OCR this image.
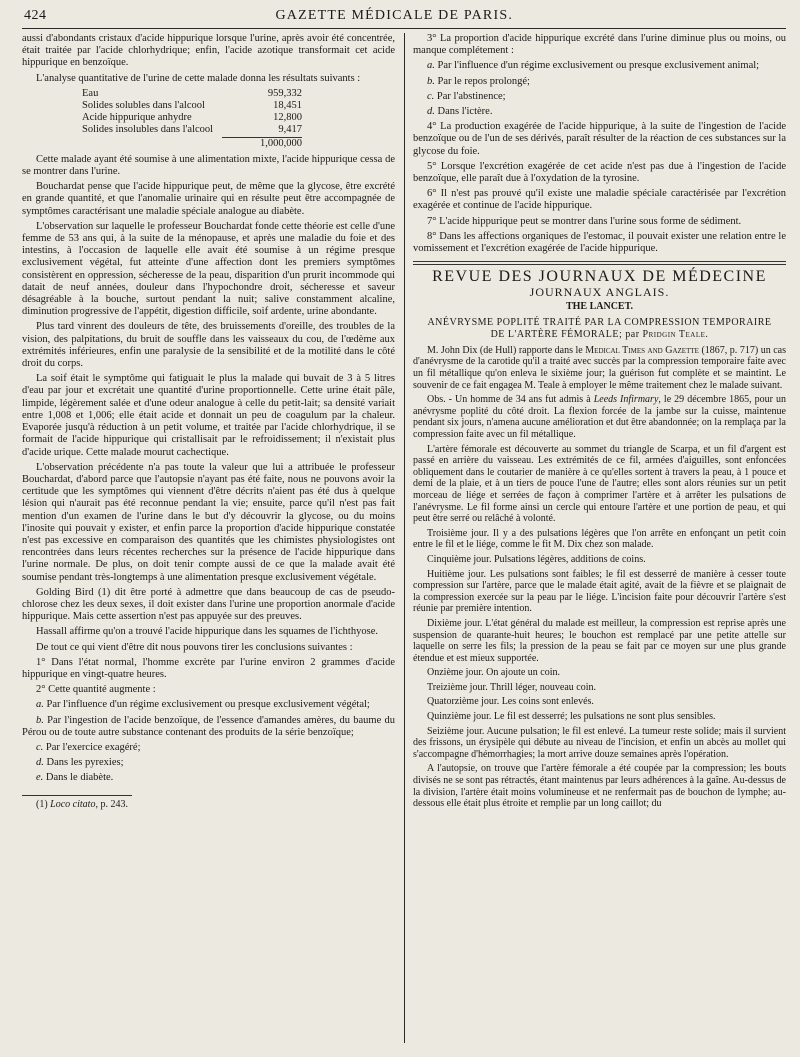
424	GAZETTE MÉDICALE DE PARIS.

aussi d'abondants cristaux d'acide hippurique lorsque l'urine, après avoir été concentrée, était traitée par l'acide chlorhydrique; enfin, l'acide azotique transformait cet acide hippurique en benzoïque.

L'analyse quantitative de l'urine de cette malade donna les résultats suivants :

Eau	959,332
Solides solubles dans l'alcool	18,451
Acide hippurique anhydre	12,800
Solides insolubles dans l'alcool	9,417
1,000,000

Cette malade ayant été soumise à une alimentation mixte, l'acide hippurique cessa de se montrer dans l'urine.

Bouchardat pense que l'acide hippurique peut, de même que la glycose, être excrété en grande quantité, et que l'anomalie urinaire qui en résulte peut être accompagnée de symptômes caractérisant une maladie spéciale analogue au diabète.

L'observation sur laquelle le professeur Bouchardat fonde cette théorie est celle d'une femme de 53 ans qui, à la suite de la ménopause, et après une maladie du foie et des intestins, à l'occasion de laquelle elle avait été soumise à un régime presque exclusivement végétal, fut atteinte d'une affection dont les premiers symptômes consistèrent en oppression, sécheresse de la peau, disparition d'un prurit incommode qui datait de neuf années, douleur dans l'hypochondre droit, sécheresse et saveur désagréable à la bouche, surtout pendant la nuit; salive constamment alcaline, diminution progressive de l'appétit, digestion difficile, soif ardente, urine abondante.

Plus tard vinrent des douleurs de tête, des bruissements d'oreille, des troubles de la vision, des palpitations, du bruit de souffle dans les vaisseaux du cou, de l'œdème aux extrémités inférieures, enfin une paralysie de la sensibilité et de la motilité dans le côté droit du corps.

La soif était le symptôme qui fatiguait le plus la malade qui buvait de 3 à 5 litres d'eau par jour et excrétait une quantité d'urine proportionnelle. Cette urine était pâle, limpide, légèrement salée et d'une odeur analogue à celle du petit-lait; sa densité variait entre 1,008 et 1,006; elle était acide et donnait un peu de coagulum par la chaleur. Evaporée jusqu'à réduction à un petit volume, et traitée par l'acide chlorhydrique, il se formait de l'acide hippurique qui cristallisait par le refroidissement; il n'existait plus d'acide urique. Cette malade mourut cachectique.

L'observation précédente n'a pas toute la valeur que lui a attribuée le professeur Bouchardat, d'abord parce que l'autopsie n'ayant pas été faite, nous ne pouvons avoir la certitude que les symptômes qui viennent d'être décrits n'aient pas été dus à quelque lésion qui n'aurait pas été reconnue pendant la vie; ensuite, parce qu'il n'est pas fait mention d'un examen de l'urine dans le but d'y découvrir la glycose, ou du moins l'inosite qui pouvait y exister, et enfin parce la proportion d'acide hippurique constatée n'est pas excessive en comparaison des quantités que les chimistes physiologistes ont rencontrées dans leurs récentes recherches sur la présence de l'acide hippurique dans l'urine normale. De plus, on doit tenir compte aussi de ce que la malade avait été soumise pendant très-longtemps à une alimentation presque exclusivement végétale.

Golding Bird (1) dit être porté à admettre que dans beaucoup de cas de pseudo-chlorose chez les deux sexes, il doit exister dans l'urine une proportion anormale d'acide hippurique. Mais cette assertion n'est pas appuyée sur des preuves.

Hassall affirme qu'on a trouvé l'acide hippurique dans les squames de l'ichthyose.

De tout ce qui vient d'être dit nous pouvons tirer les conclusions suivantes :

1° Dans l'état normal, l'homme excrète par l'urine environ 2 grammes d'acide hippurique en vingt-quatre heures.

2° Cette quantité augmente :

a. Par l'influence d'un régime exclusivement ou presque exclusivement végétal;

b. Par l'ingestion de l'acide benzoïque, de l'essence d'amandes amères, du baume du Pérou ou de toute autre substance contenant des produits de la série benzoïque;

c. Par l'exercice exagéré;

d. Dans les pyrexies;

e. Dans le diabète.

(1) Loco citato, p. 243.

3° La proportion d'acide hippurique excrété dans l'urine diminue plus ou moins, ou manque complétement :

a. Par l'influence d'un régime exclusivement ou presque exclusivement animal;

b. Par le repos prolongé;

c. Par l'abstinence;

d. Dans l'ictère.

4° La production exagérée de l'acide hippurique, à la suite de l'ingestion de l'acide benzoïque ou de l'un de ses dérivés, paraît résulter de la réaction de ces substances sur la glycose du foie.

5° Lorsque l'excrétion exagérée de cet acide n'est pas due à l'ingestion de l'acide benzoïque, elle paraît due à l'oxydation de la tyrosine.

6° Il n'est pas prouvé qu'il existe une maladie spéciale caractérisée par l'excrétion exagérée et continue de l'acide hippurique.

7° L'acide hippurique peut se montrer dans l'urine sous forme de sédiment.

8° Dans les affections organiques de l'estomac, il pouvait exister une relation entre le vomissement et l'excrétion exagérée de l'acide hippurique.

REVUE DES JOURNAUX DE MÉDECINE
JOURNAUX ANGLAIS.
THE LANCET.
ANÉVRYSME POPLITÉ TRAITÉ PAR LA COMPRESSION TEMPORAIRE
DE L'ARTÈRE FÉMORALE; par Pridgin Teale.

M. John Dix (de Hull) rapporte dans le Medical Times and Gazette (1867, p. 717) un cas d'anévrysme de la carotide qu'il a traité avec succès par la compression temporaire faite avec un fil métallique qu'on enleva le sixième jour; la guérison fut complète et se maintint. Le souvenir de ce fait engagea M. Teale à employer le même traitement chez le malade suivant.

Obs. - Un homme de 34 ans fut admis à Leeds Infirmary, le 29 décembre 1865, pour un anévrysme poplité du côté droit. La flexion forcée de la jambe sur la cuisse, maintenue pendant six jours, n'amena aucune amélioration et dut être abandonnée; on la remplaça par la compression faite avec un fil métallique.

L'artère fémorale est découverte au sommet du triangle de Scarpa, et un fil d'argent est passé en arrière du vaisseau. Les extrémités de ce fil, armées d'aiguilles, sont enfoncées obliquement dans le coutarier de manière à ce qu'elles sortent à travers la peau, à 1 pouce et demi de la plaie, et à un tiers de pouce l'une de l'autre; elles sont alors réunies sur un petit morceau de liége et serrées de façon à comprimer l'artère et à arrêter les pulsations de l'anévrysme. Le fil forme ainsi un cercle qui entoure l'artère et une portion de peau, et qui peut être serré ou relâché à volonté.

Troisième jour. Il y a des pulsations légères que l'on arrête en enfonçant un petit coin entre le fil et le liége, comme le fit M. Dix chez son malade.

Cinquième jour. Pulsations légères, additions de coins.

Huitième jour. Les pulsations sont faibles; le fil est desserré de manière à cesser toute compression sur l'artère, parce que le malade était agité, avait de la fièvre et se plaignait de la compression exercée sur la peau par le liége. L'incision faite pour découvrir l'artère s'est réunie par première intention.

Dixième jour. L'état général du malade est meilleur, la compression est reprise après une suspension de quarante-huit heures; le bouchon est remplacé par une petite attelle sur laquelle on serre les fils; la pression de la peau se fait par ce moyen sur une plus grande étendue et est mieux supportée.

Onzième jour. On ajoute un coin.

Treizième jour. Thrill léger, nouveau coin.

Quatorzième jour. Les coins sont enlevés.

Quinzième jour. Le fil est desserré; les pulsations ne sont plus sensibles.

Seizième jour. Aucune pulsation; le fil est enlevé. La tumeur reste solide; mais il survient des frissons, un érysipèle qui débute au niveau de l'incision, et enfin un abcès au mollet qui s'accompagne d'hémorrhagies; la mort arrive douze semaines après l'opération.

A l'autopsie, on trouve que l'artère fémorale a été coupée par la compression; les bouts divisés ne se sont pas rétractés, étant maintenus par leurs adhérences à la gaîne. Au-dessus de la division, l'artère était moins volumineuse et ne renfermait pas de bouchon de lymphe; au-dessous elle était plus étroite et remplie par un long caillot; du
